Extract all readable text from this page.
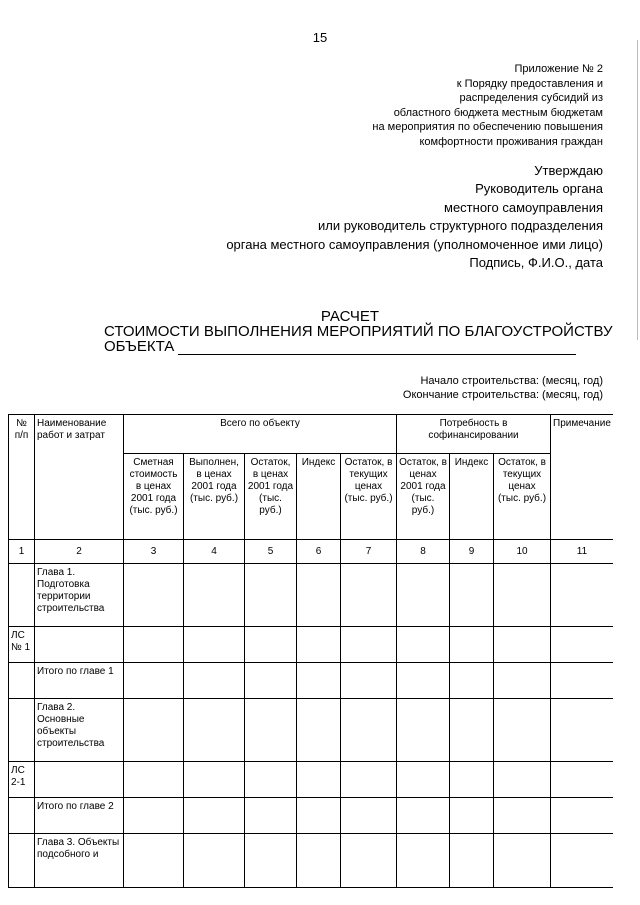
15
Приложение № 2
к Порядку предоставления и
распределения субсидий из
областного бюджета местным бюджетам
на мероприятия по обеспечению повышения
комфортности проживания граждан
Утверждаю
Руководитель органа
местного самоуправления
или руководитель структурного подразделения
органа местного самоуправления (уполномоченное ими лицо)
Подпись, Ф.И.О., дата
РАСЧЕТ
СТОИМОСТИ ВЫПОЛНЕНИЯ МЕРОПРИЯТИЙ ПО БЛАГОУСТРОЙСТВУ
ОБЪЕКТА
Начало строительства: (месяц, год)
Окончание строительства: (месяц, год)
№ п/п	Наименование работ и затрат	Всего по объекту					Потребность в софинансировании			Примечание
		Сметная стоимость в ценах 2001 года (тыс. руб.)	Выполнен, в ценах 2001 года (тыс. руб.)	Остаток, в ценах 2001 года (тыс. руб.)	Индекс	Остаток, в текущих ценах (тыс. руб.)	Остаток, в ценах 2001 года (тыс. руб.)	Индекс	Остаток, в текущих ценах (тыс. руб.)	
1	2	3	4	5	6	7	8	9	10	11
	Глава 1. Подготовка территории строительства									
ЛС № 1										
	Итого по главе 1									
	Глава 2. Основные объекты строительства									
ЛС 2-1										
	Итого по главе 2									
	Глава 3. Объекты подсобного и									
